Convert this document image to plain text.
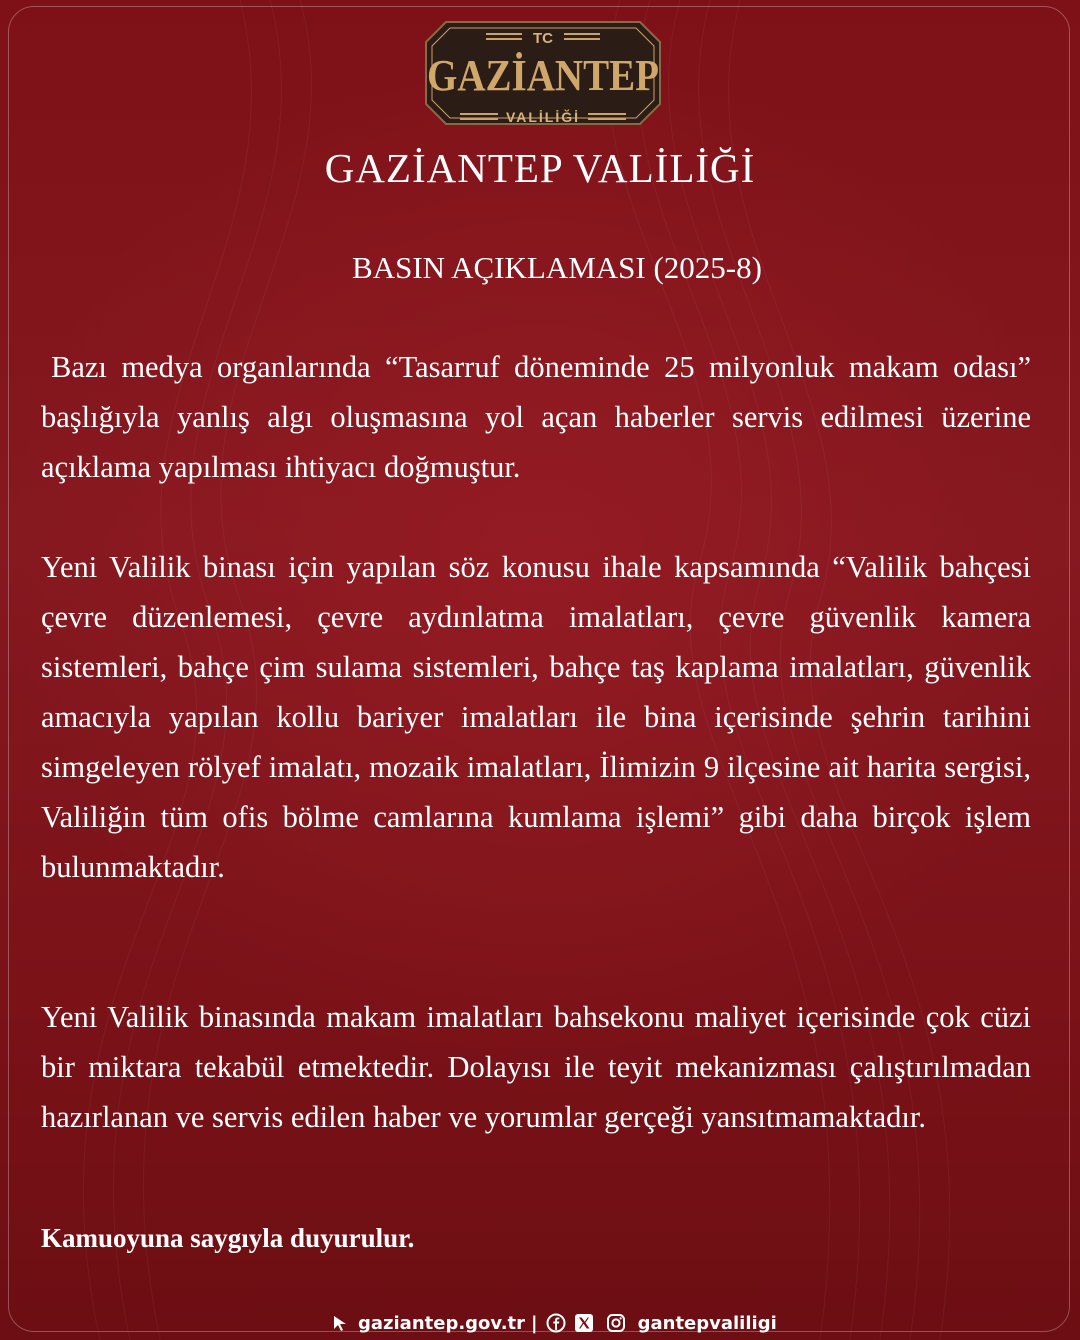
TC
GAZİANTEP
VALİLİĞİ
GAZİANTEP VALİLİĞİ
BASIN AÇIKLAMASI (2025-8)

Bazı medya organlarında “Tasarruf döneminde 25 milyonluk makam odası” başlığıyla yanlış algı oluşmasına yol açan haberler servis edilmesi üzerine açıklama yapılması ihtiyacı doğmuştur.

Yeni Valilik binası için yapılan söz konusu ihale kapsamında “Valilik bahçesi çevre düzenlemesi, çevre aydınlatma imalatları, çevre güvenlik kamera sistemleri, bahçe çim sulama sistemleri, bahçe taş kaplama imalatları, güvenlik amacıyla yapılan kollu bariyer imalatları ile bina içerisinde şehrin tarihini simgeleyen rölyef imalatı, mozaik imalatları, İlimizin 9 ilçesine ait harita sergisi, Valiliğin tüm ofis bölme camlarına kumlama işlemi” gibi daha birçok işlem bulunmaktadır.

Yeni Valilik binasında makam imalatları bahsekonu maliyet içerisinde çok cüzi bir miktara tekabül etmektedir. Dolayısı ile teyit mekanizması çalıştırılmadan hazırlanan ve servis edilen haber ve yorumlar gerçeği yansıtmamaktadır.

Kamuoyuna saygıyla duyurulur.

gaziantep.gov.tr |	gantepvaliligi
